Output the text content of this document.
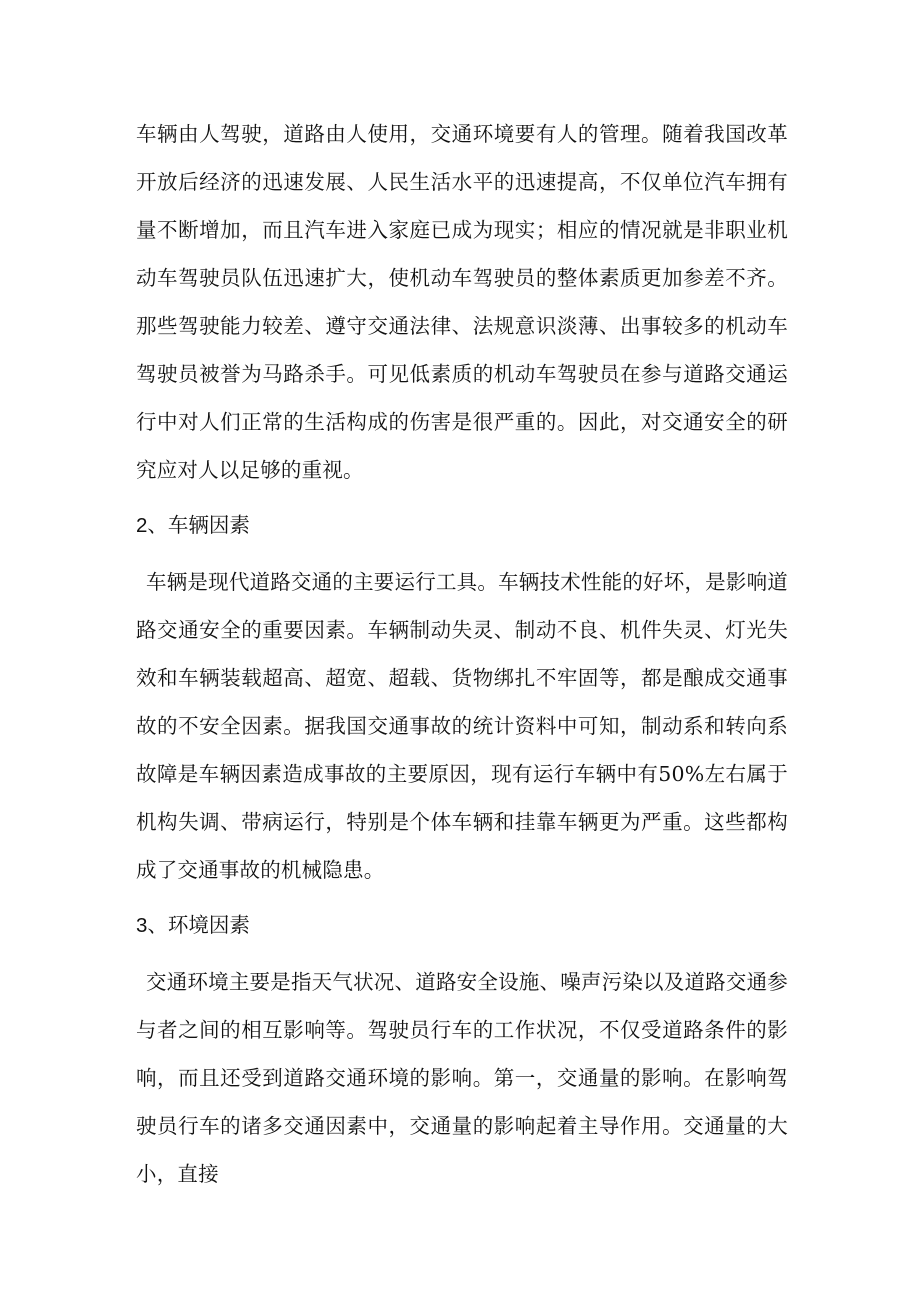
车辆由人驾驶，道路由人使用，交通环境要有人的管理。随着我国改革开放后经济的迅速发展、人民生活水平的迅速提高，不仅单位汽车拥有量不断增加，而且汽车进入家庭已成为现实；相应的情况就是非职业机动车驾驶员队伍迅速扩大，使机动车驾驶员的整体素质更加参差不齐。那些驾驶能力较差、遵守交通法律、法规意识淡薄、出事较多的机动车驾驶员被誉为马路杀手。可见低素质的机动车驾驶员在参与道路交通运行中对人们正常的生活构成的伤害是很严重的。因此，对交通安全的研究应对人以足够的重视。

2、车辆因素

车辆是现代道路交通的主要运行工具。车辆技术性能的好坏，是影响道路交通安全的重要因素。车辆制动失灵、制动不良、机件失灵、灯光失效和车辆装载超高、超宽、超载、货物绑扎不牢固等，都是酿成交通事故的不安全因素。据我国交通事故的统计资料中可知，制动系和转向系故障是车辆因素造成事故的主要原因，现有运行车辆中有50%左右属于机构失调、带病运行，特别是个体车辆和挂靠车辆更为严重。这些都构成了交通事故的机械隐患。

3、环境因素

交通环境主要是指天气状况、道路安全设施、噪声污染以及道路交通参与者之间的相互影响等。驾驶员行车的工作状况，不仅受道路条件的影响，而且还受到道路交通环境的影响。第一，交通量的影响。在影响驾驶员行车的诸多交通因素中，交通量的影响起着主导作用。交通量的大小，直接
